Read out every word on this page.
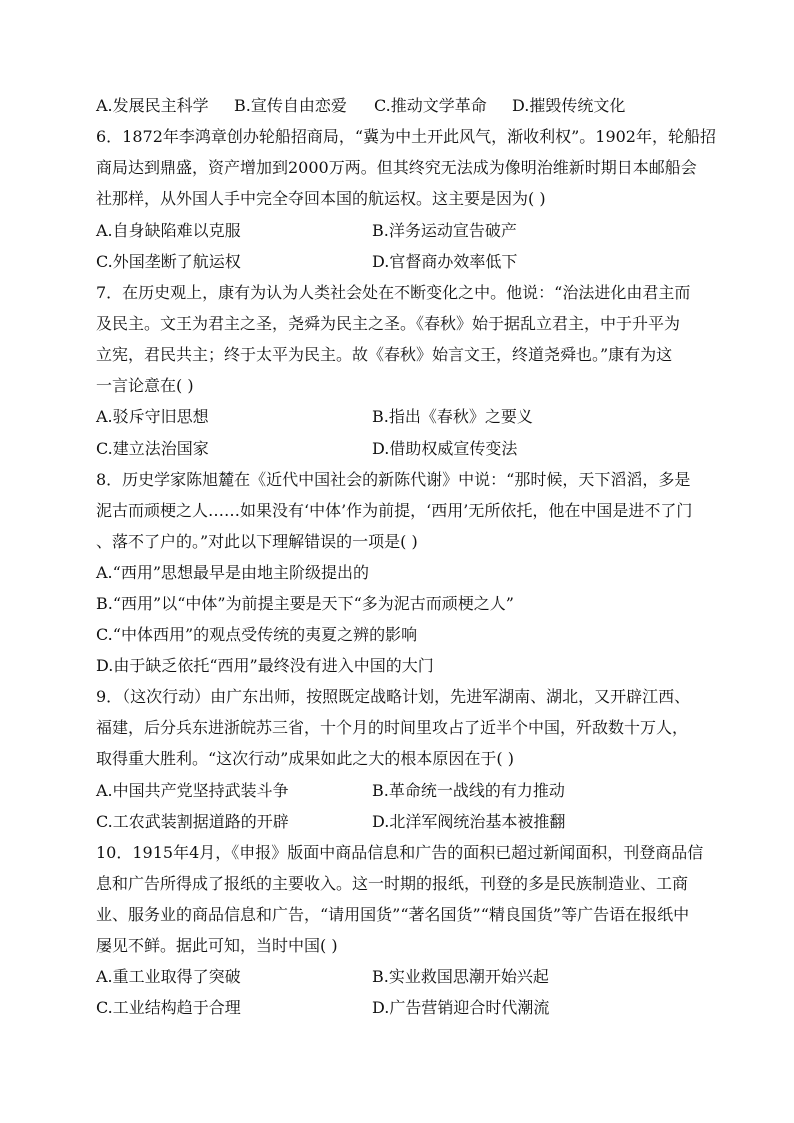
A.发展民主科学 B.宣传自由恋爱 C.推动文学革命 D.摧毁传统文化
6．1872年李鸿章创办轮船招商局，“冀为中土开此风气，渐收利权”。1902年，轮船招
商局达到鼎盛，资产增加到2000万两。但其终究无法成为像明治维新时期日本邮船会
社那样，从外国人手中完全夺回本国的航运权。这主要是因为( )
A.自身缺陷难以克服	B.洋务运动宣告破产
C.外国垄断了航运权	D.官督商办效率低下
7．在历史观上，康有为认为人类社会处在不断变化之中。他说：“治法进化由君主而
及民主。文王为君主之圣，尧舜为民主之圣。《春秋》始于据乱立君主，中于升平为
立宪，君民共主；终于太平为民主。故《春秋》始言文王，终道尧舜也。”康有为这
一言论意在( )
A.驳斥守旧思想	B.指出《春秋》之要义
C.建立法治国家	D.借助权威宣传变法
8．历史学家陈旭麓在《近代中国社会的新陈代谢》中说：“那时候，天下滔滔，多是
泥古而顽梗之人……如果没有‘中体’作为前提，‘西用’无所依托，他在中国是进不了门
、落不了户的。”对此以下理解错误的一项是( )
A.“西用”思想最早是由地主阶级提出的
B.“西用”以“中体”为前提主要是天下“多为泥古而顽梗之人”
C.“中体西用”的观点受传统的夷夏之辨的影响
D.由于缺乏依托“西用”最终没有进入中国的大门
9．（这次行动）由广东出师，按照既定战略计划，先进军湖南、湖北，又开辟江西、
福建，后分兵东进浙皖苏三省，十个月的时间里攻占了近半个中国，歼敌数十万人，
取得重大胜利。“这次行动”成果如此之大的根本原因在于( )
A.中国共产党坚持武装斗争	B.革命统一战线的有力推动
C.工农武装割据道路的开辟	D.北洋军阀统治基本被推翻
10．1915年4月，《申报》版面中商品信息和广告的面积已超过新闻面积，刊登商品信
息和广告所得成了报纸的主要收入。这一时期的报纸，刊登的多是民族制造业、工商
业、服务业的商品信息和广告，“请用国货”“著名国货”“精良国货”等广告语在报纸中
屡见不鲜。据此可知，当时中国( )
A.重工业取得了突破	B.实业救国思潮开始兴起
C.工业结构趋于合理	D.广告营销迎合时代潮流
